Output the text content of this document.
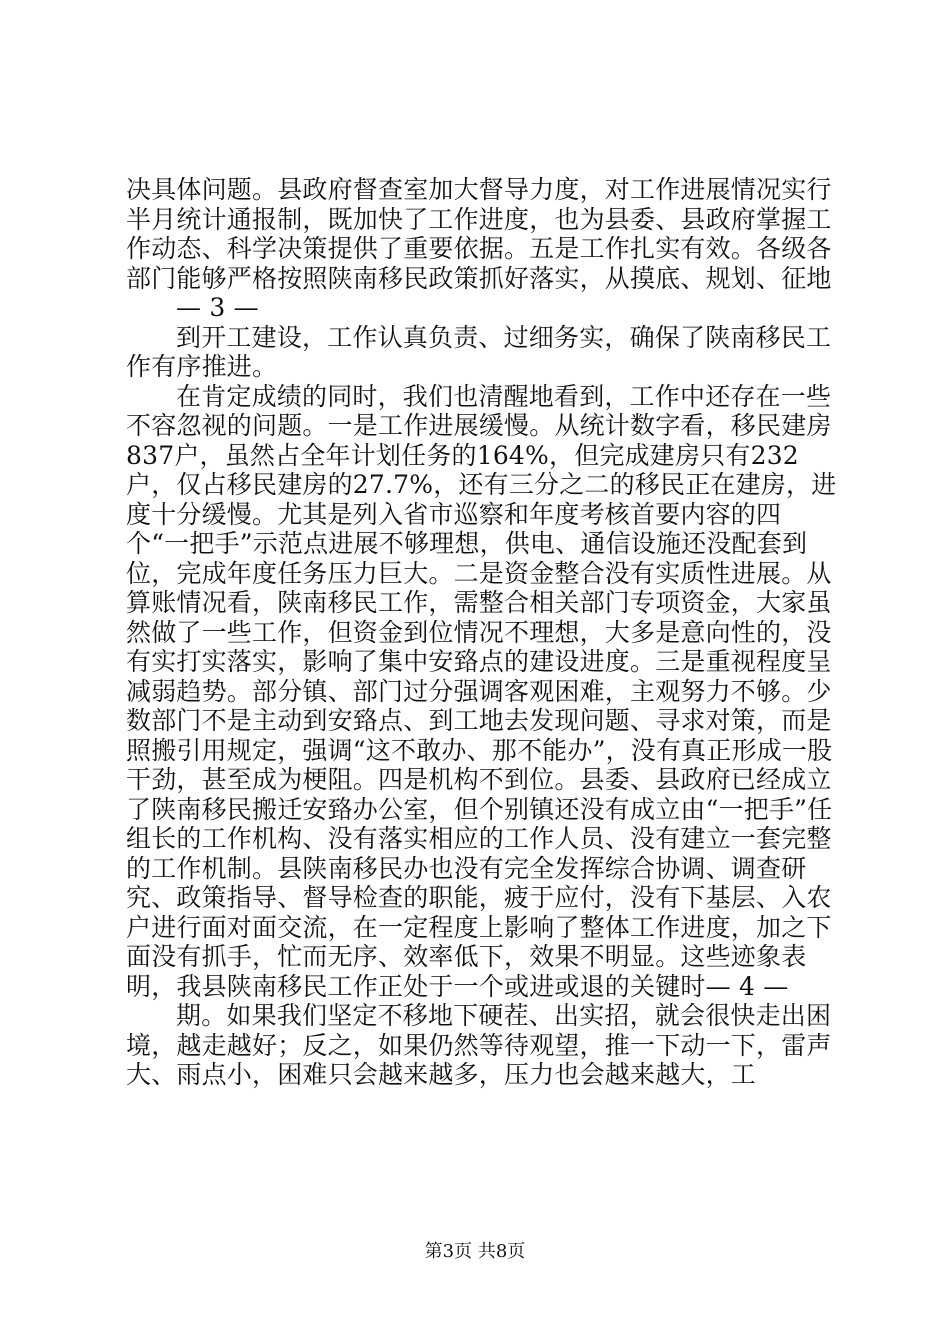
决具体问题。县政府督查室加大督导力度，对工作进展情况实行半月统计通报制，既加快了工作进度，也为县委、县政府掌握工作动态、科学决策提供了重要依据。五是工作扎实有效。各级各部门能够严格按照陕南移民政策抓好落实，从摸底、规划、征地

— 3 —

到开工建设，工作认真负责、过细务实，确保了陕南移民工作有序推进。

在肯定成绩的同时，我们也清醒地看到，工作中还存在一些不容忽视的问题。一是工作进展缓慢。从统计数字看，移民建房837户，虽然占全年计划任务的164%，但完成建房只有232户，仅占移民建房的27.7%，还有三分之二的移民正在建房，进度十分缓慢。尤其是列入省市巡察和年度考核首要内容的四个“一把手”示范点进展不够理想，供电、通信设施还没配套到位，完成年度任务压力巨大。二是资金整合没有实质性进展。从算账情况看，陕南移民工作，需整合相关部门专项资金，大家虽然做了一些工作，但资金到位情况不理想，大多是意向性的，没有实打实落实，影响了集中安臵点的建设进度。三是重视程度呈减弱趋势。部分镇、部门过分强调客观困难，主观努力不够。少数部门不是主动到安臵点、到工地去发现问题、寻求对策，而是照搬引用规定，强调“这不敢办、那不能办”，没有真正形成一股干劲，甚至成为梗阻。四是机构不到位。县委、县政府已经成立了陕南移民搬迁安臵办公室，但个别镇还没有成立由“一把手”任组长的工作机构、没有落实相应的工作人员、没有建立一套完整的工作机制。县陕南移民办也没有完全发挥综合协调、调查研究、政策指导、督导检查的职能，疲于应付，没有下基层、入农户进行面对面交流，在一定程度上影响了整体工作进度，加之下面没有抓手，忙而无序、效率低下，效果不明显。这些迹象表明，我县陕南移民工作正处于一个或进或退的关键时— 4 —

期。如果我们坚定不移地下硬茬、出实招，就会很快走出困境，越走越好；反之，如果仍然等待观望，推一下动一下，雷声大、雨点小，困难只会越来越多，压力也会越来越大，工

第3页 共8页
